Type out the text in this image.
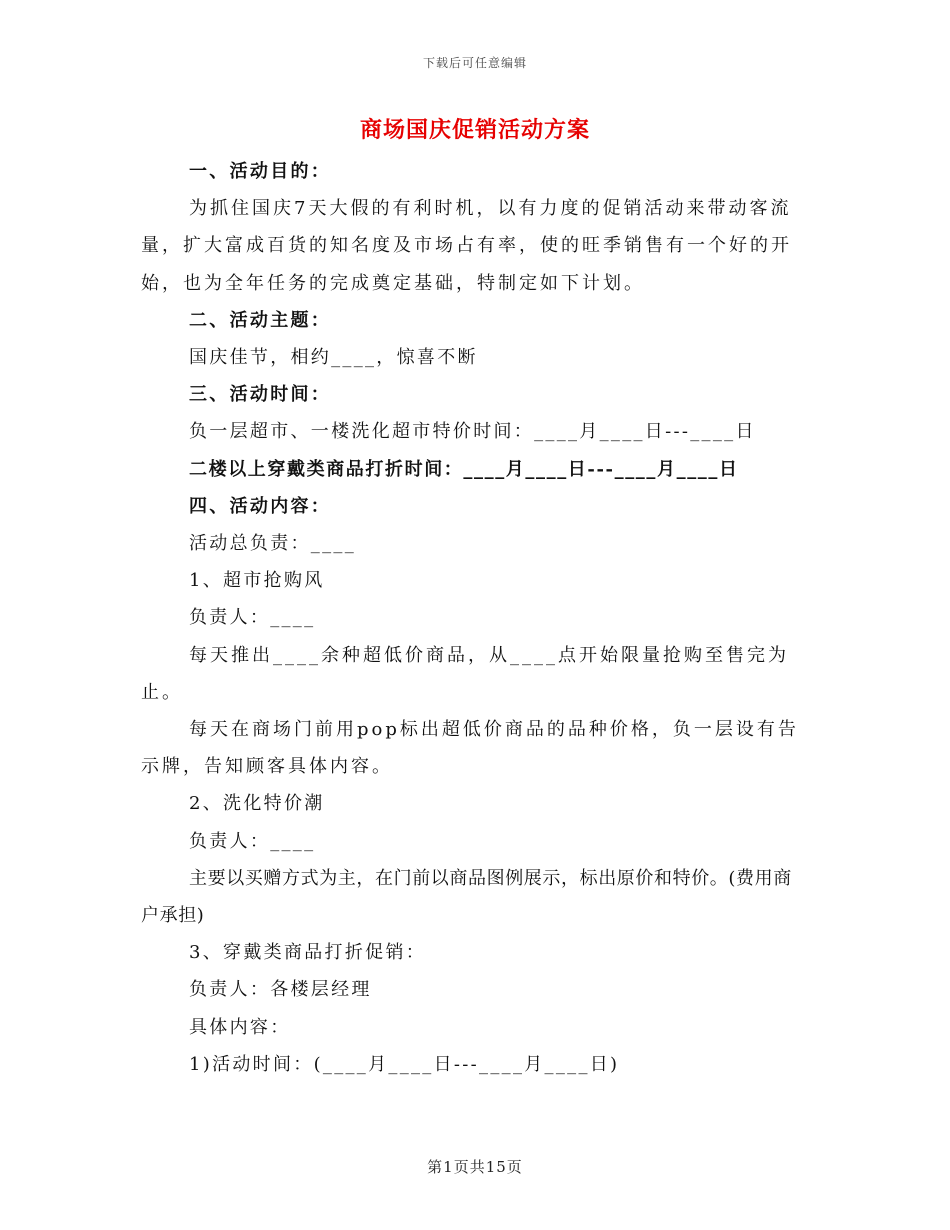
下载后可任意编辑
商场国庆促销活动方案

一、活动目的：

为抓住国庆7天大假的有利时机，以有力度的促销活动来带动客流量，扩大富成百货的知名度及市场占有率，使的旺季销售有一个好的开始，也为全年任务的完成奠定基础，特制定如下计划。

二、活动主题：

国庆佳节，相约____，惊喜不断

三、活动时间：

负一层超市、一楼洗化超市特价时间：____月____日---____日

二楼以上穿戴类商品打折时间：____月____日---____月____日

四、活动内容：

活动总负责：____

1、超市抢购风

负责人：____

每天推出____余种超低价商品，从____点开始限量抢购至售完为止。

每天在商场门前用pop标出超低价商品的品种价格，负一层设有告示牌，告知顾客具体内容。

2、洗化特价潮

负责人：____

主要以买赠方式为主，在门前以商品图例展示，标出原价和特价。(费用商户承担)

3、穿戴类商品打折促销：

负责人：各楼层经理

具体内容：

1)活动时间：(____月____日---____月____日)

第1页共15页
